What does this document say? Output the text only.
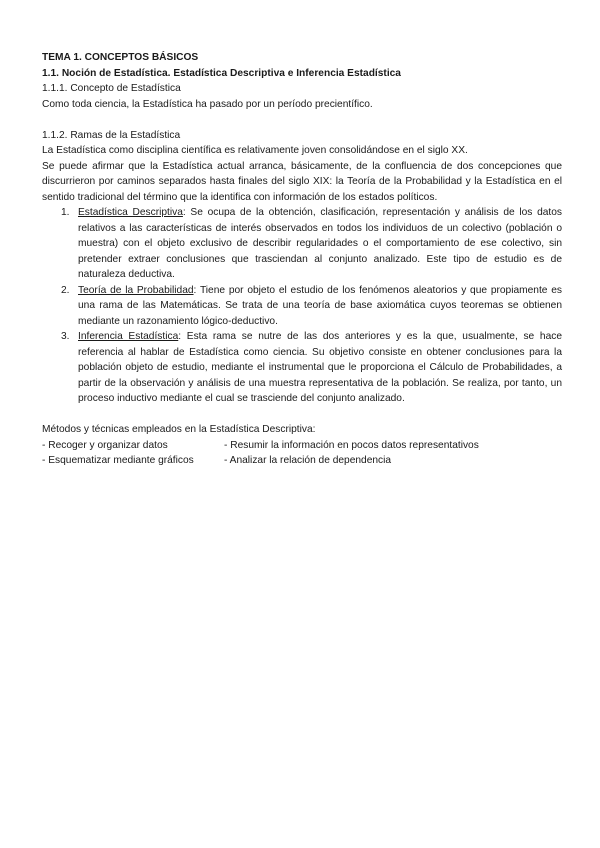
TEMA 1. CONCEPTOS BÁSICOS
1.1. Noción de Estadística. Estadística Descriptiva e Inferencia Estadística
1.1.1. Concepto de Estadística
Como toda ciencia, la Estadística ha pasado por un período precientífico.
1.1.2. Ramas de la Estadística
La Estadística como disciplina científica es relativamente joven consolidándose en el siglo XX.
Se puede afirmar que la Estadística actual arranca, básicamente, de la confluencia de dos concepciones que discurrieron por caminos separados hasta finales del siglo XIX: la Teoría de la Probabilidad y la Estadística en el sentido tradicional del término que la identifica con información de los estados políticos.
1. Estadística Descriptiva: Se ocupa de la obtención, clasificación, representación y análisis de los datos relativos a las características de interés observados en todos los individuos de un colectivo (población o muestra) con el objeto exclusivo de describir regularidades o el comportamiento de ese colectivo, sin pretender extraer conclusiones que trasciendan al conjunto analizado. Este tipo de estudio es de naturaleza deductiva.
2. Teoría de la Probabilidad: Tiene por objeto el estudio de los fenómenos aleatorios y que propiamente es una rama de las Matemáticas. Se trata de una teoría de base axiomática cuyos teoremas se obtienen mediante un razonamiento lógico-deductivo.
3. Inferencia Estadística: Esta rama se nutre de las dos anteriores y es la que, usualmente, se hace referencia al hablar de Estadística como ciencia. Su objetivo consiste en obtener conclusiones para la población objeto de estudio, mediante el instrumental que le proporciona el Cálculo de Probabilidades, a partir de la observación y análisis de una muestra representativa de la población. Se realiza, por tanto, un proceso inductivo mediante el cual se trasciende del conjunto analizado.
Métodos y técnicas empleados en la Estadística Descriptiva:
- Recoger y organizar datos	- Resumir la información en pocos datos representativos
- Esquematizar mediante gráficos	- Analizar la relación de dependencia
